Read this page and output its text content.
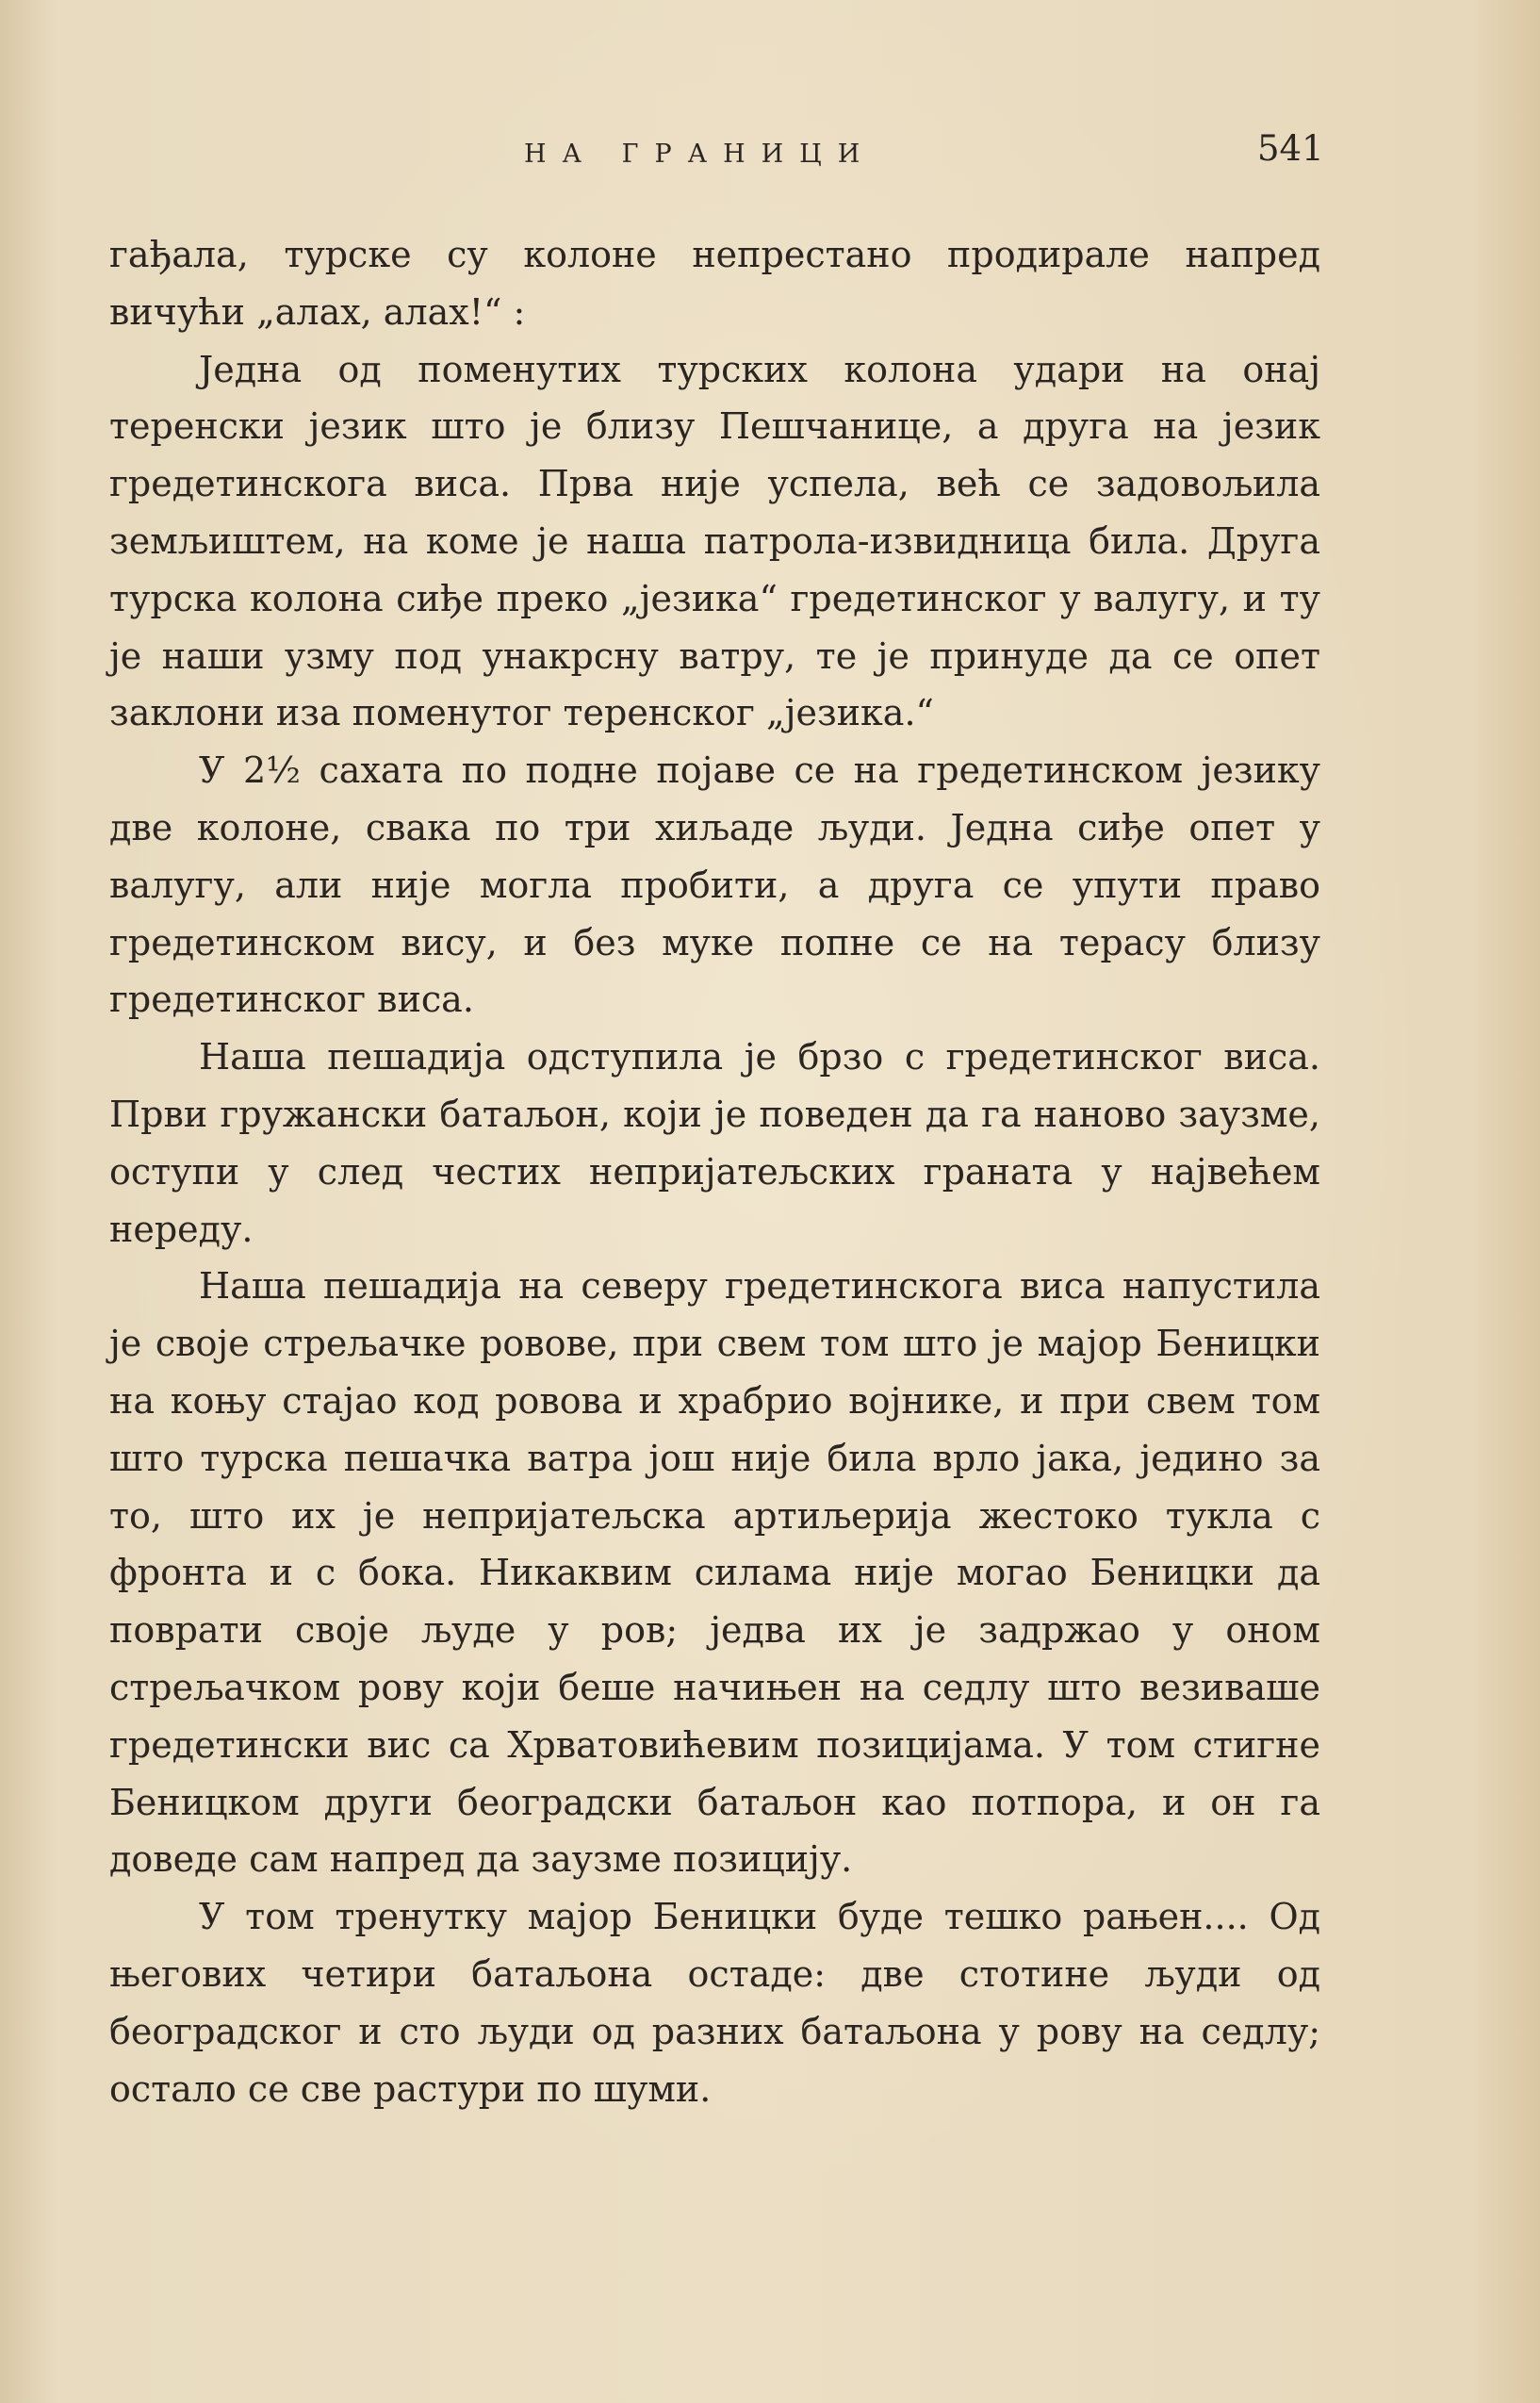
НА ГРАНИЦИ	541

гађала, турске су колоне непрестано продирале напред вичући „алах, алах!“ :

Једна од поменутих турских колона удари на онај теренски језик што је близу Пешчанице, а друга на језик гредетинскога виса. Прва није успела, већ се задовољила земљиштем, на коме је наша патрола-извидница била. Друга турска колона сиђе преко „језика“ гредетинског у валугу, и ту је наши узму под унакрсну ватру, те је принуде да се опет заклони иза поменутог теренског „језика.“

У 2½ сахата по подне појаве се на гредетинском језику две колоне, свака по три хиљаде људи. Једна сиђе опет у валугу, али није могла пробити, а друга се упути право гредетинском вису, и без муке попне се на терасу близу гредетинског виса.

Наша пешадија одступила је брзо с гредетинског виса. Први гружански батаљон, који је поведен да га наново заузме, оступи у след честих непријатељских граната у највећем нереду.

Наша пешадија на северу гредетинскога виса напустила је своје стрељачке ровове, при свем том што је мајор Беницки на коњу стајао код ровова и храбрио војнике, и при свем том што турска пешачка ватра још није била врло јака, једино за то, што их је непријатељска артиљерија жестоко тукла с фронта и с бока. Никаквим силама није могао Беницки да поврати своје људе у ров; једва их је задржао у оном стрељачком рову који беше начињен на седлу што везиваше гредетински вис са Хрватовићевим позицијама. У том стигне Беницком други београдски батаљон као потпора, и он га доведе сам напред да заузме позицију.

У том тренутку мајор Беницки буде тешко рањен.... Од његових четири батаљона остаде: две стотине људи од београдског и сто људи од разних батаљона у рову на седлу; остало се све растури по шуми.
